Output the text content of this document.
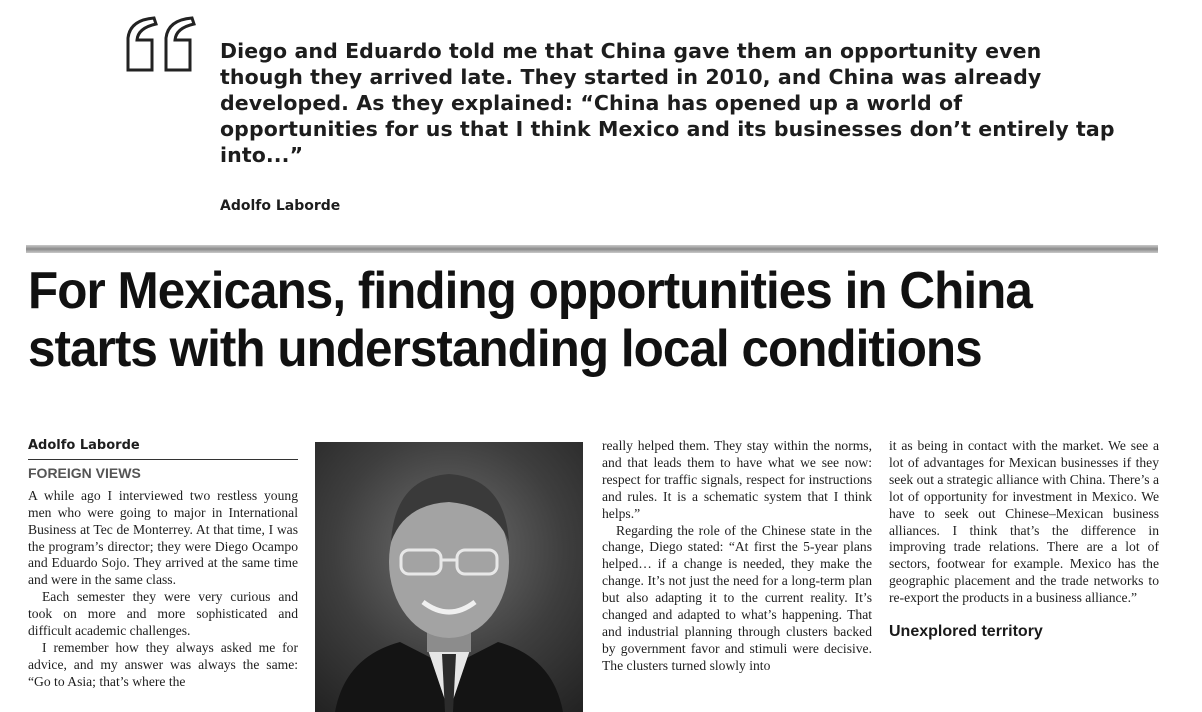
Diego and Eduardo told me that China gave them an opportunity even though they arrived late. They started in 2010, and China was already developed. As they explained: “China has opened up a world of opportunities for us that I think Mexico and its businesses don’t entirely tap into...”
Adolfo Laborde
For Mexicans, finding opportunities in China
starts with understanding local conditions
Adolfo Laborde
FOREIGN VIEWS

A while ago I interviewed two restless young men who were going to major in International Business at Tec de Monterrey. At that time, I was the program’s director; they were Diego Ocampo and Eduardo Sojo. They arrived at the same time and were in the same class.

Each semester they were very curious and took on more and more sophisticated and difficult academic challenges.

I remember how they always asked me for advice, and my answer was always the same: “Go to Asia; that’s where the

really helped them. They stay within the norms, and that leads them to have what we see now: respect for traffic signals, respect for instructions and rules. It is a schematic system that I think helps.”

Regarding the role of the Chinese state in the change, Diego stated: “At first the 5-year plans helped… if a change is needed, they make the change. It’s not just the need for a long-term plan but also adapting it to the current reality. It’s changed and adapted to what’s happening. That and industrial planning through clusters backed by government favor and stimuli were decisive. The clusters turned slowly into

it as being in contact with the market. We see a lot of advantages for Mexican businesses if they seek out a strategic alliance with China. There’s a lot of opportunity for investment in Mexico. We have to seek out Chinese–Mexican business alliances. I think that’s the difference in improving trade relations. There are a lot of sectors, footwear for example. Mexico has the geographic placement and the trade networks to re-export the products in a business alliance.”

Unexplored territory
